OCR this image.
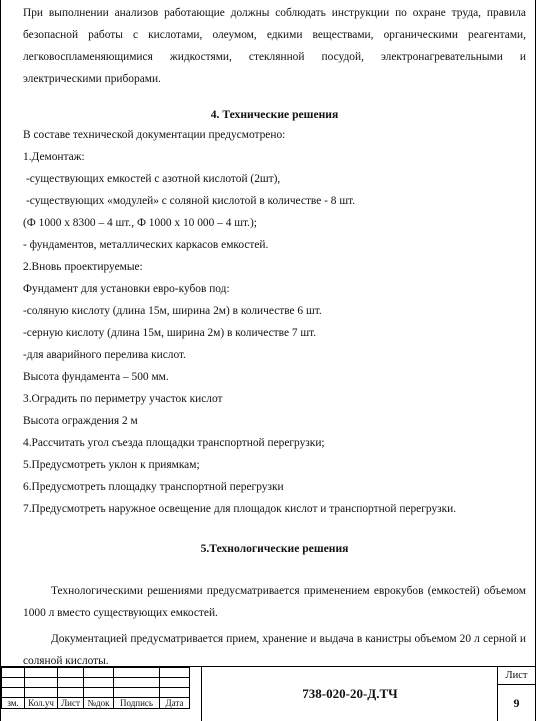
При выполнении анализов работающие должны соблюдать инструкции по охране труда, правила безопасной работы с кислотами, олеумом, едкими веществами, органическими реагентами, легковоспламеняющимися жидкостями, стеклянной посудой, электронагревательными и электрическими приборами.

4. Технические решения

В составе технической документации предусмотрено:

1.Демонтаж:

-существующих емкостей с азотной кислотой (2шт),

-существующих «модулей» с соляной кислотой в количестве - 8 шт.

(Ф 1000 х 8300 – 4 шт., Ф 1000 х 10 000 – 4 шт.);

- фундаментов, металлических каркасов емкостей.

2.Вновь проектируемые:

Фундамент для установки евро-кубов под:

-соляную кислоту (длина 15м, ширина 2м) в количестве 6 шт.

-серную кислоту (длина 15м, ширина 2м) в количестве 7 шт.

-для аварийного перелива кислот.

Высота фундамента – 500 мм.

3.Оградить по периметру участок кислот

Высота ограждения 2 м

4.Рассчитать угол съезда площадки транспортной перегрузки;

5.Предусмотреть уклон к приямкам;

6.Предусмотреть площадку транспортной перегрузки

7.Предусмотреть наружное освещение для площадок кислот и транспортной перегрузки.

5.Технологические решения

Технологическими решениями предусматривается применением еврокубов (емкостей) объемом 1000 л вместо существующих емкостей.

Документацией предусматривается прием, хранение и выдача в канистры объемом 20 л серной и соляной кислоты.

зм.	Кол.уч	Лист	№док	Подпись	Дата
738-020-20-Д.ТЧ
Лист
9
